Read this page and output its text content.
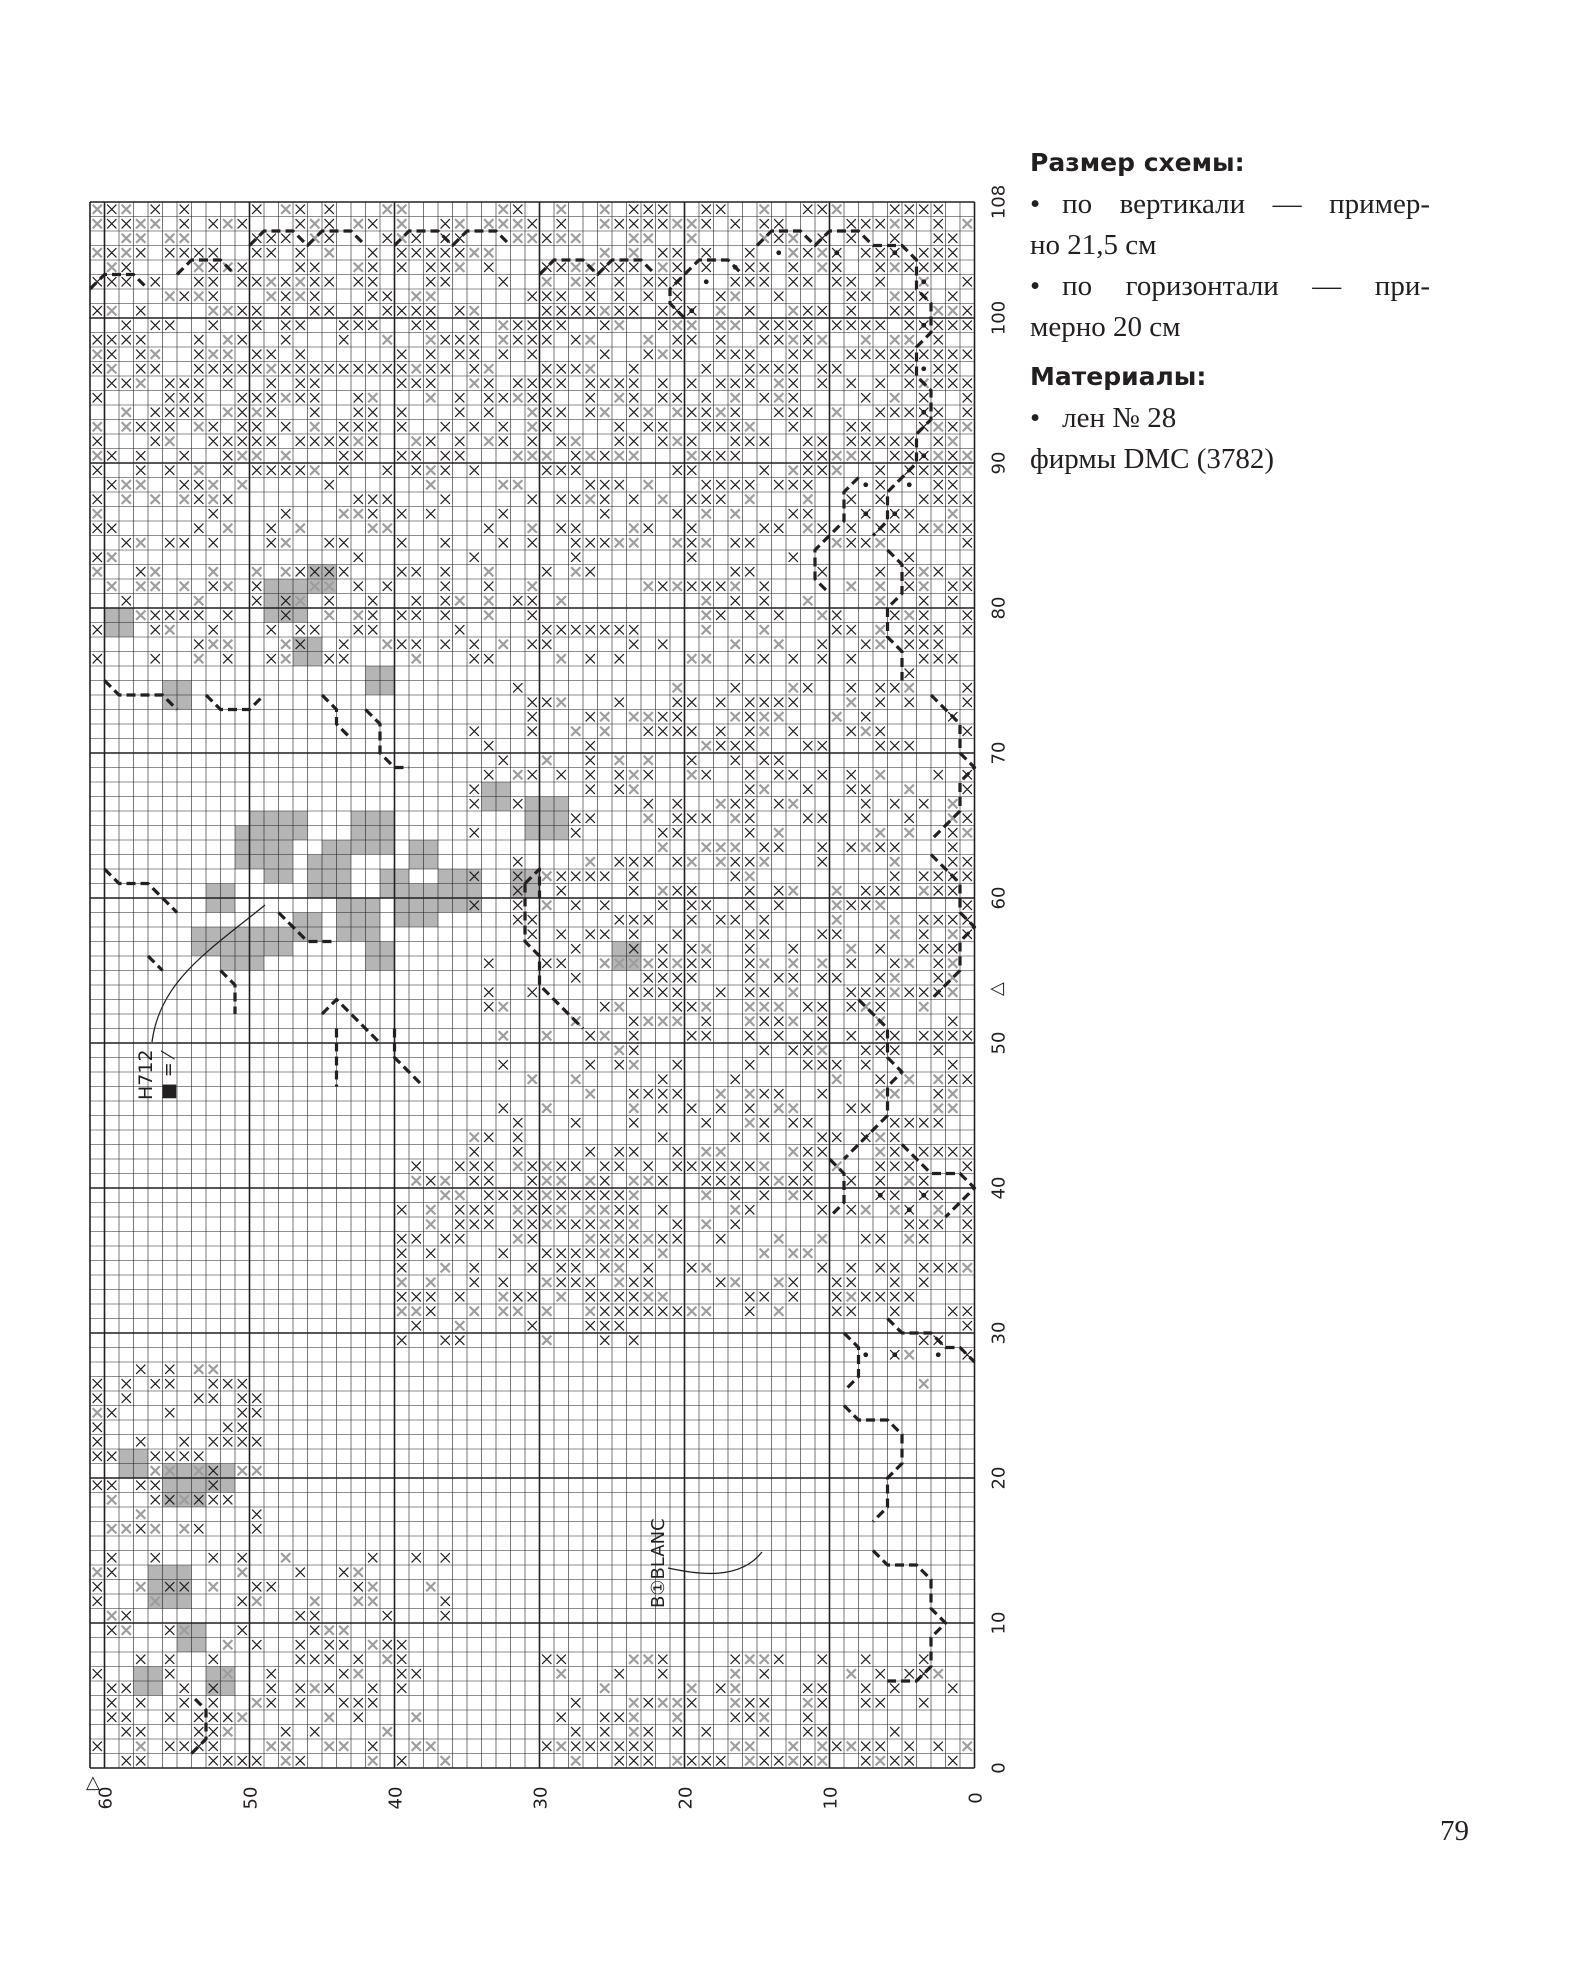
Размер схемы:
• по вертикали — пример-

но 21,5 см

• по горизонтали — при-

мерно 20 см

Материалы:
• лен № 28

фирмы DMC (3782)

0
10
20
30
40
50
60
70
80
90
100
108
60	50	40	30	20	10	0
H712 ■ = ⁄
B①BLANC
△
△
79
